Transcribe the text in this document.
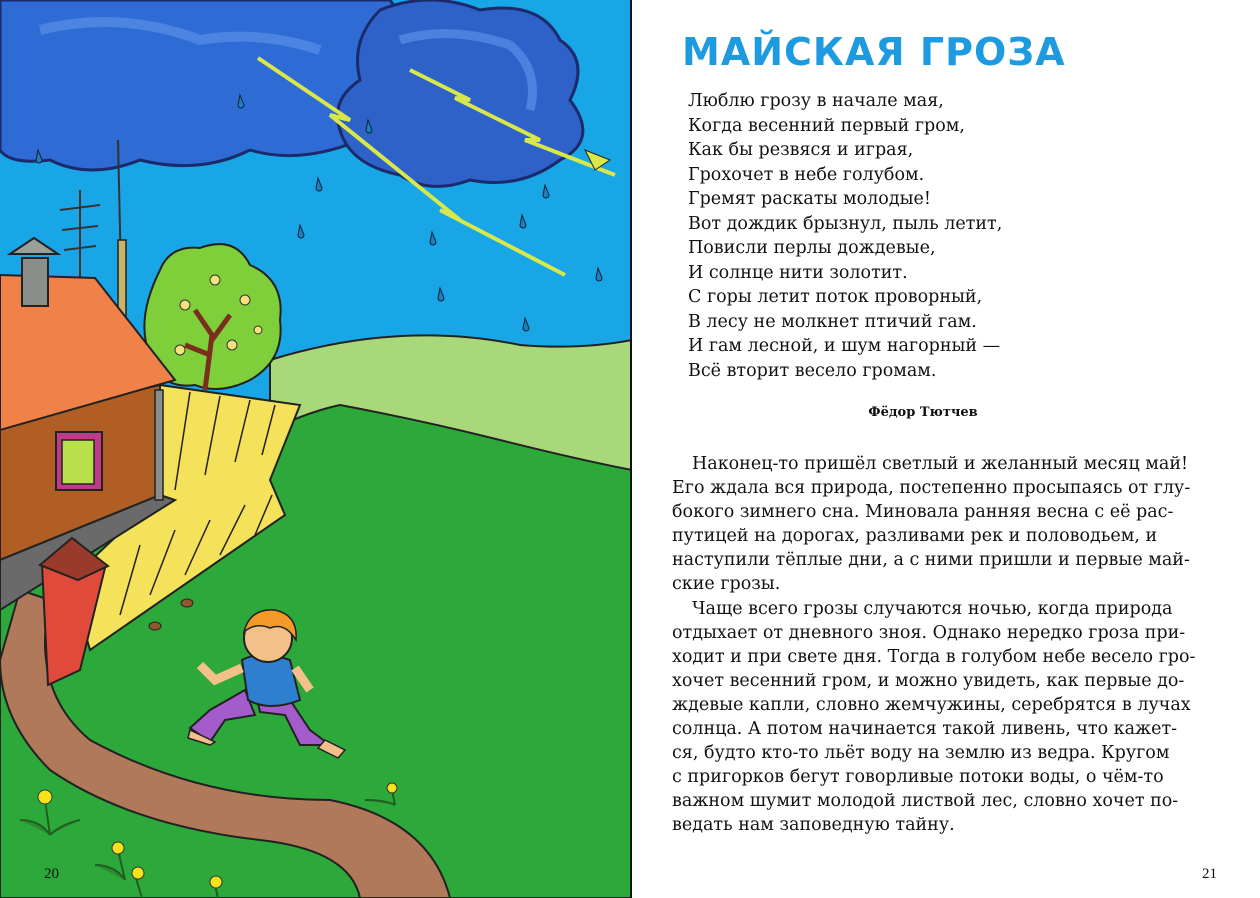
20
МАЙСКАЯ ГРОЗА
Люблю грозу в начале мая,
Когда весенний первый гром,
Как бы резвяся и играя,
Грохочет в небе голубом.
Гремят раскаты молодые!
Вот дождик брызнул, пыль летит,
Повисли перлы дождевые,
И солнце нити золотит.
С горы летит поток проворный,
В лесу не молкнет птичий гам.
И гам лесной, и шум нагорный —
Всё вторит весело громам.
Фёдор Тютчев
Наконец-то пришёл светлый и желанный месяц май!
Его ждала вся природа, постепенно просыпаясь от глу-
бокого зимнего сна. Миновала ранняя весна с её рас-
путицей на дорогах, разливами рек и половодьем, и
наступили тёплые дни, а с ними пришли и первые май-
ские грозы.
Чаще всего грозы случаются ночью, когда природа
отдыхает от дневного зноя. Однако нередко гроза при-
ходит и при свете дня. Тогда в голубом небе весело гро-
хочет весенний гром, и можно увидеть, как первые до-
ждевые капли, словно жемчужины, серебрятся в лучах
солнца. А потом начинается такой ливень, что кажет-
ся, будто кто-то льёт воду на землю из ведра. Кругом
с пригорков бегут говорливые потоки воды, о чём-то
важном шумит молодой листвой лес, словно хочет по-
ведать нам заповедную тайну.
21
